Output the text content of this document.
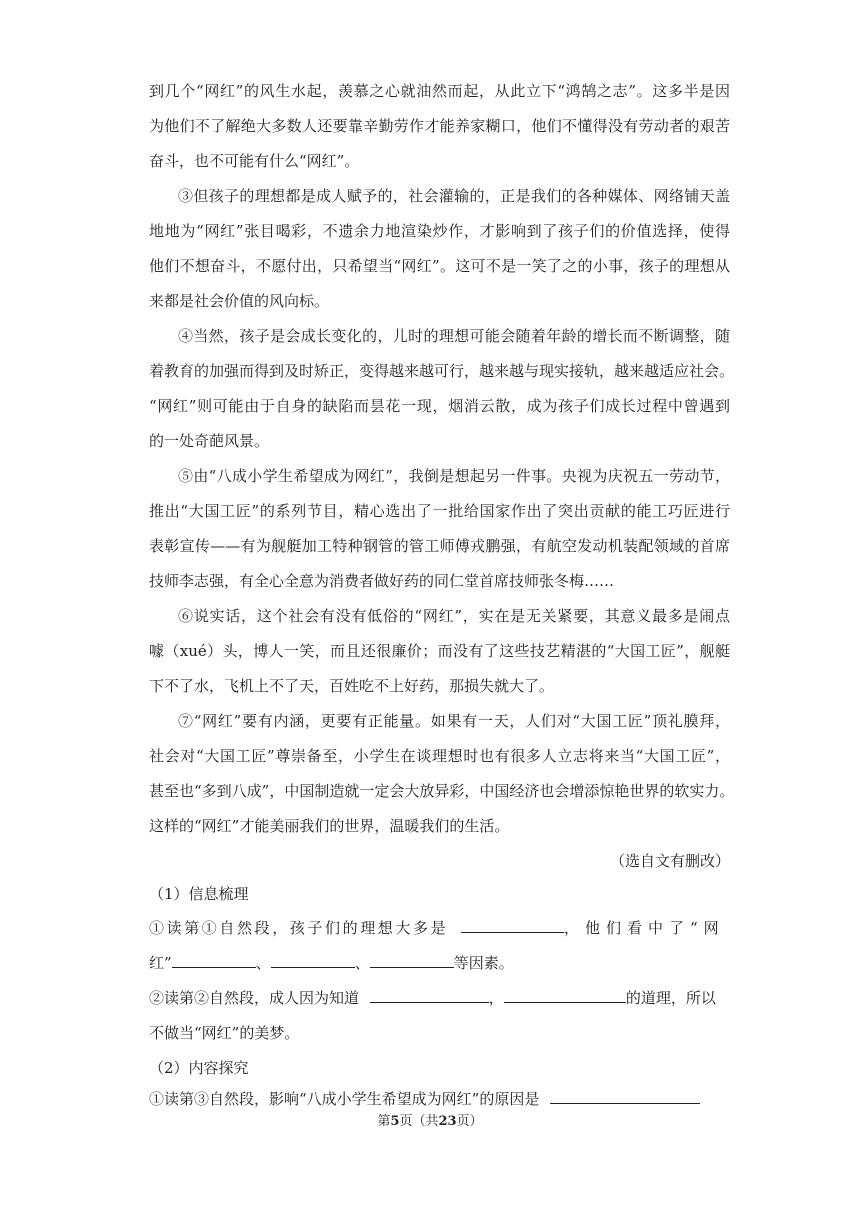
到几个“网红”的风生水起，羡慕之心就油然而起，从此立下“鸿鹄之志”。这多半是因
为他们不了解绝大多数人还要靠辛勤劳作才能养家糊口，他们不懂得没有劳动者的艰苦
奋斗，也不可能有什么“网红”。
③但孩子的理想都是成人赋予的，社会灌输的，正是我们的各种媒体、网络铺天盖
地地为“网红”张目喝彩，不遗余力地渲染炒作，才影响到了孩子们的价值选择，使得
他们不想奋斗，不愿付出，只希望当“网红”。这可不是一笑了之的小事，孩子的理想从
来都是社会价值的风向标。
④当然，孩子是会成长变化的，儿时的理想可能会随着年龄的增长而不断调整，随
着教育的加强而得到及时矫正，变得越来越可行，越来越与现实接轨，越来越适应社会。
“网红”则可能由于自身的缺陷而昙花一现，烟消云散，成为孩子们成长过程中曾遇到
的一处奇葩风景。
⑤由“八成小学生希望成为网红”，我倒是想起另一件事。央视为庆祝五一劳动节，
推出“大国工匠”的系列节目，精心选出了一批给国家作出了突出贡献的能工巧匠进行
表彰宣传——有为舰艇加工特种钢管的管工师傅戎鹏强，有航空发动机装配领域的首席
技师李志强，有全心全意为消费者做好药的同仁堂首席技师张冬梅……
⑥说实话，这个社会有没有低俗的“网红”，实在是无关紧要，其意义最多是闹点
噱（xué）头，博人一笑，而且还很廉价；而没有了这些技艺精湛的“大国工匠”，舰艇
下不了水，飞机上不了天，百姓吃不上好药，那损失就大了。
⑦“网红”要有内涵，更要有正能量。如果有一天，人们对“大国工匠”顶礼膜拜，
社会对“大国工匠”尊崇备至，小学生在谈理想时也有很多人立志将来当“大国工匠”，
甚至也“多到八成”，中国制造就一定会大放异彩，中国经济也会增添惊艳世界的软实力。
这样的“网红”才能美丽我们的世界，温暖我们的生活。
（选自文有删改）
（1）信息梳理
①读第①自然段，孩子们的理想大多是	，他们看中了“网
红”	、	、	等因素。
②读第②自然段，成人因为知道	，	的道理，所以
不做当“网红”的美梦。
（2）内容探究
第5页（共23页）
①读第③自然段，影响“八成小学生希望成为网红”的原因是
